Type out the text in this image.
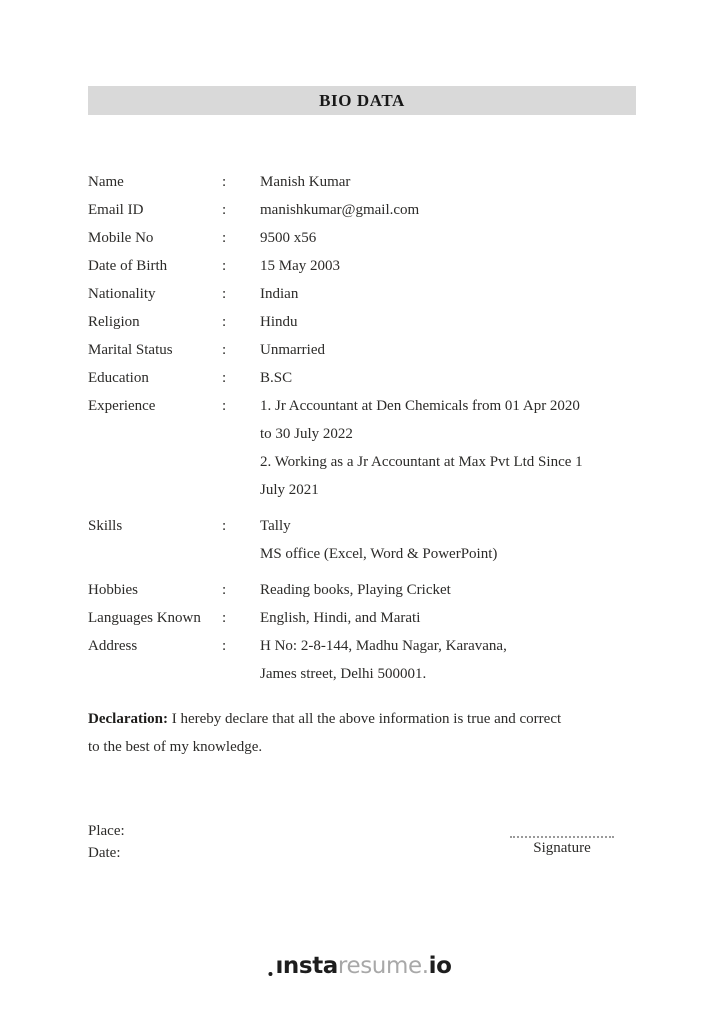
BIO DATA
Name	:	Manish Kumar
Email ID	:	manishkumar@gmail.com
Mobile No	:	9500 x56
Date of Birth	:	15 May 2003
Nationality	:	Indian
Religion	:	Hindu
Marital Status	:	Unmarried
Education	:	B.SC
Experience	:	1. Jr Accountant at Den Chemicals from 01 Apr 2020
to 30 July 2022
2. Working as a Jr Accountant at Max Pvt Ltd Since 1
July 2021
Skills	:	Tally
MS office (Excel, Word & PowerPoint)
Hobbies	:	Reading books, Playing Cricket
Languages Known	:	English, Hindi, and Marati
Address	:	H No: 2-8-144, Madhu Nagar, Karavana,
James street, Delhi 500001.
Declaration: I hereby declare that all the above information is true and correct
to the best of my knowledge.
Place:
Date:	Signature
ınstaresume.io
